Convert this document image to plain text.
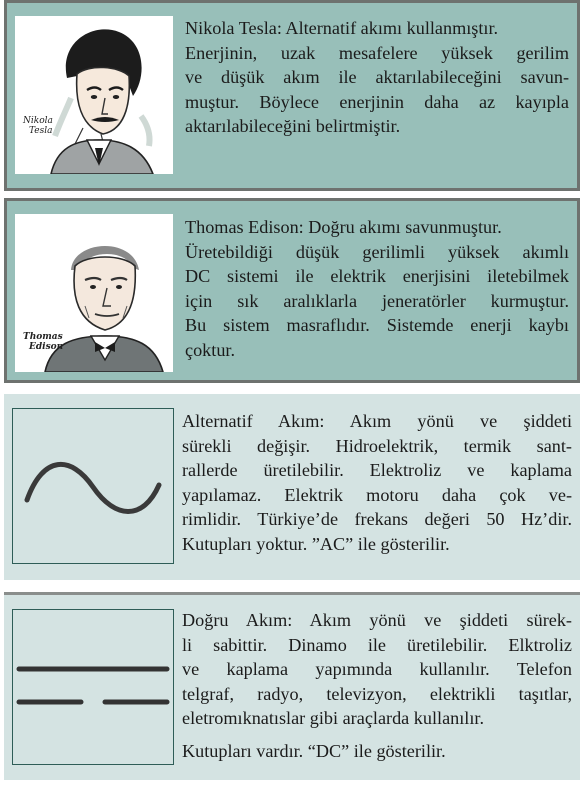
Nikola
Tesla
Nikola Tesla: Alternatif akımı kullanmıştır.
Enerjinin, uzak mesafelere yüksek gerilim
ve düşük akım ile aktarılabileceğini savun-
muştur. Böylece enerjinin daha az kayıpla
aktarılabileceğini belirtmiştir.
Thomas
Edison
Thomas Edison: Doğru akımı savunmuştur.
Üretebildiği düşük gerilimli yüksek akımlı
DC sistemi ile elektrik enerjisini iletebilmek
için sık aralıklarla jeneratörler kurmuştur.
Bu sistem masraflıdır. Sistemde enerji kaybı
çoktur.
Alternatif Akım: Akım yönü ve şiddeti
sürekli değişir. Hidroelektrik, termik sant-
rallerde üretilebilir. Elektroliz ve kaplama
yapılamaz. Elektrik motoru daha çok ve-
rimlidir. Türkiye’de frekans değeri 50 Hz’dir.
Kutupları yoktur. ”AC” ile gösterilir.
Doğru Akım: Akım yönü ve şiddeti sürek-
li sabittir. Dinamo ile üretilebilir. Elktroliz
ve kaplama yapımında kullanılır. Telefon
telgraf, radyo, televizyon, elektrikli taşıtlar,
eletromıknatıslar gibi araçlarda kullanılır.
Kutupları vardır. “DC” ile gösterilir.
